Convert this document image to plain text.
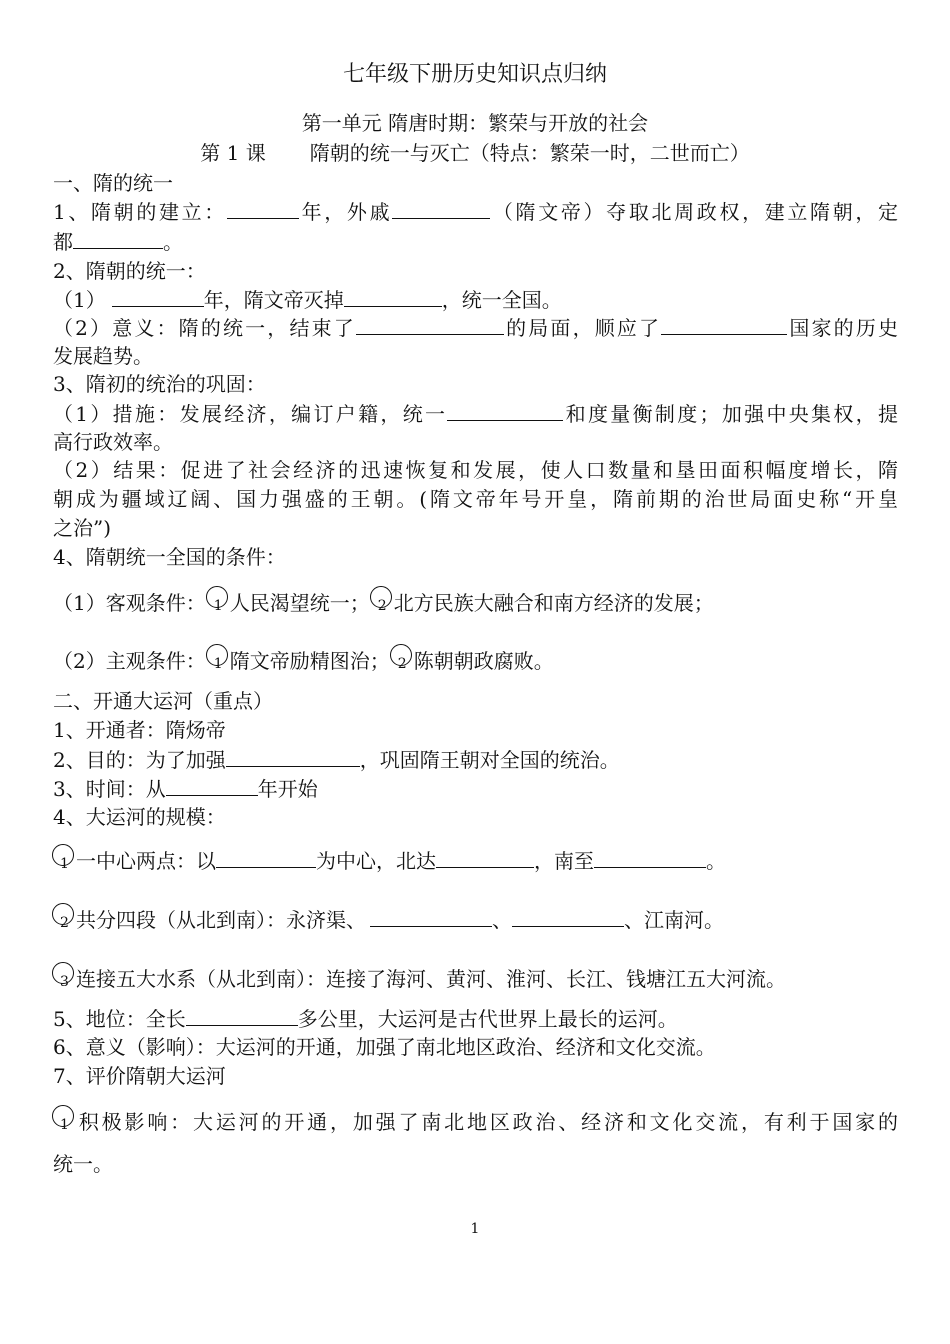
七年级下册历史知识点归纳
第一单元 隋唐时期：繁荣与开放的社会
第 1 课 隋朝的统一与灭亡（特点：繁荣一时，二世而亡）
一、隋的统一
1、隋朝的建立：	年，外戚	（隋文帝）夺取北周政权，建立隋朝，定
都	。
2、隋朝的统一：
（1）	年，隋文帝灭掉	，统一全国。
（2）意义：隋的统一，结束了	的局面，顺应了	国家的历史
发展趋势。
3、隋初的统治的巩固：
（1）措施：发展经济，编订户籍，统一	和度量衡制度；加强中央集权，提
高行政效率。
（2）结果：促进了社会经济的迅速恢复和发展，使人口数量和垦田面积幅度增长，隋
朝成为疆域辽阔、国力强盛的王朝。(隋文帝年号开皇，隋前期的治世局面史称“开皇
之治”)
4、隋朝统一全国的条件：
（1）客观条件： 1 人民渴望统一； 2 北方民族大融合和南方经济的发展；
（2）主观条件： 1 隋文帝励精图治； 2 陈朝朝政腐败。
二、开通大运河（重点）
1、开通者：隋炀帝
2、目的：为了加强	，巩固隋王朝对全国的统治。
3、时间：从	年开始
4、大运河的规模：
1 一中心两点：以	为中心，北达	，南至	。
2 共分四段（从北到南）：永济渠、	、	、江南河。
3 连接五大水系（从北到南）：连接了海河、黄河、淮河、长江、钱塘江五大河流。
5、地位：全长	多公里，大运河是古代世界上最长的运河。
6、意义（影响）：大运河的开通，加强了南北地区政治、经济和文化交流。
7、评价隋朝大运河
1 积极影响：大运河的开通，加强了南北地区政治、经济和文化交流，有利于国家的
统一。
1
